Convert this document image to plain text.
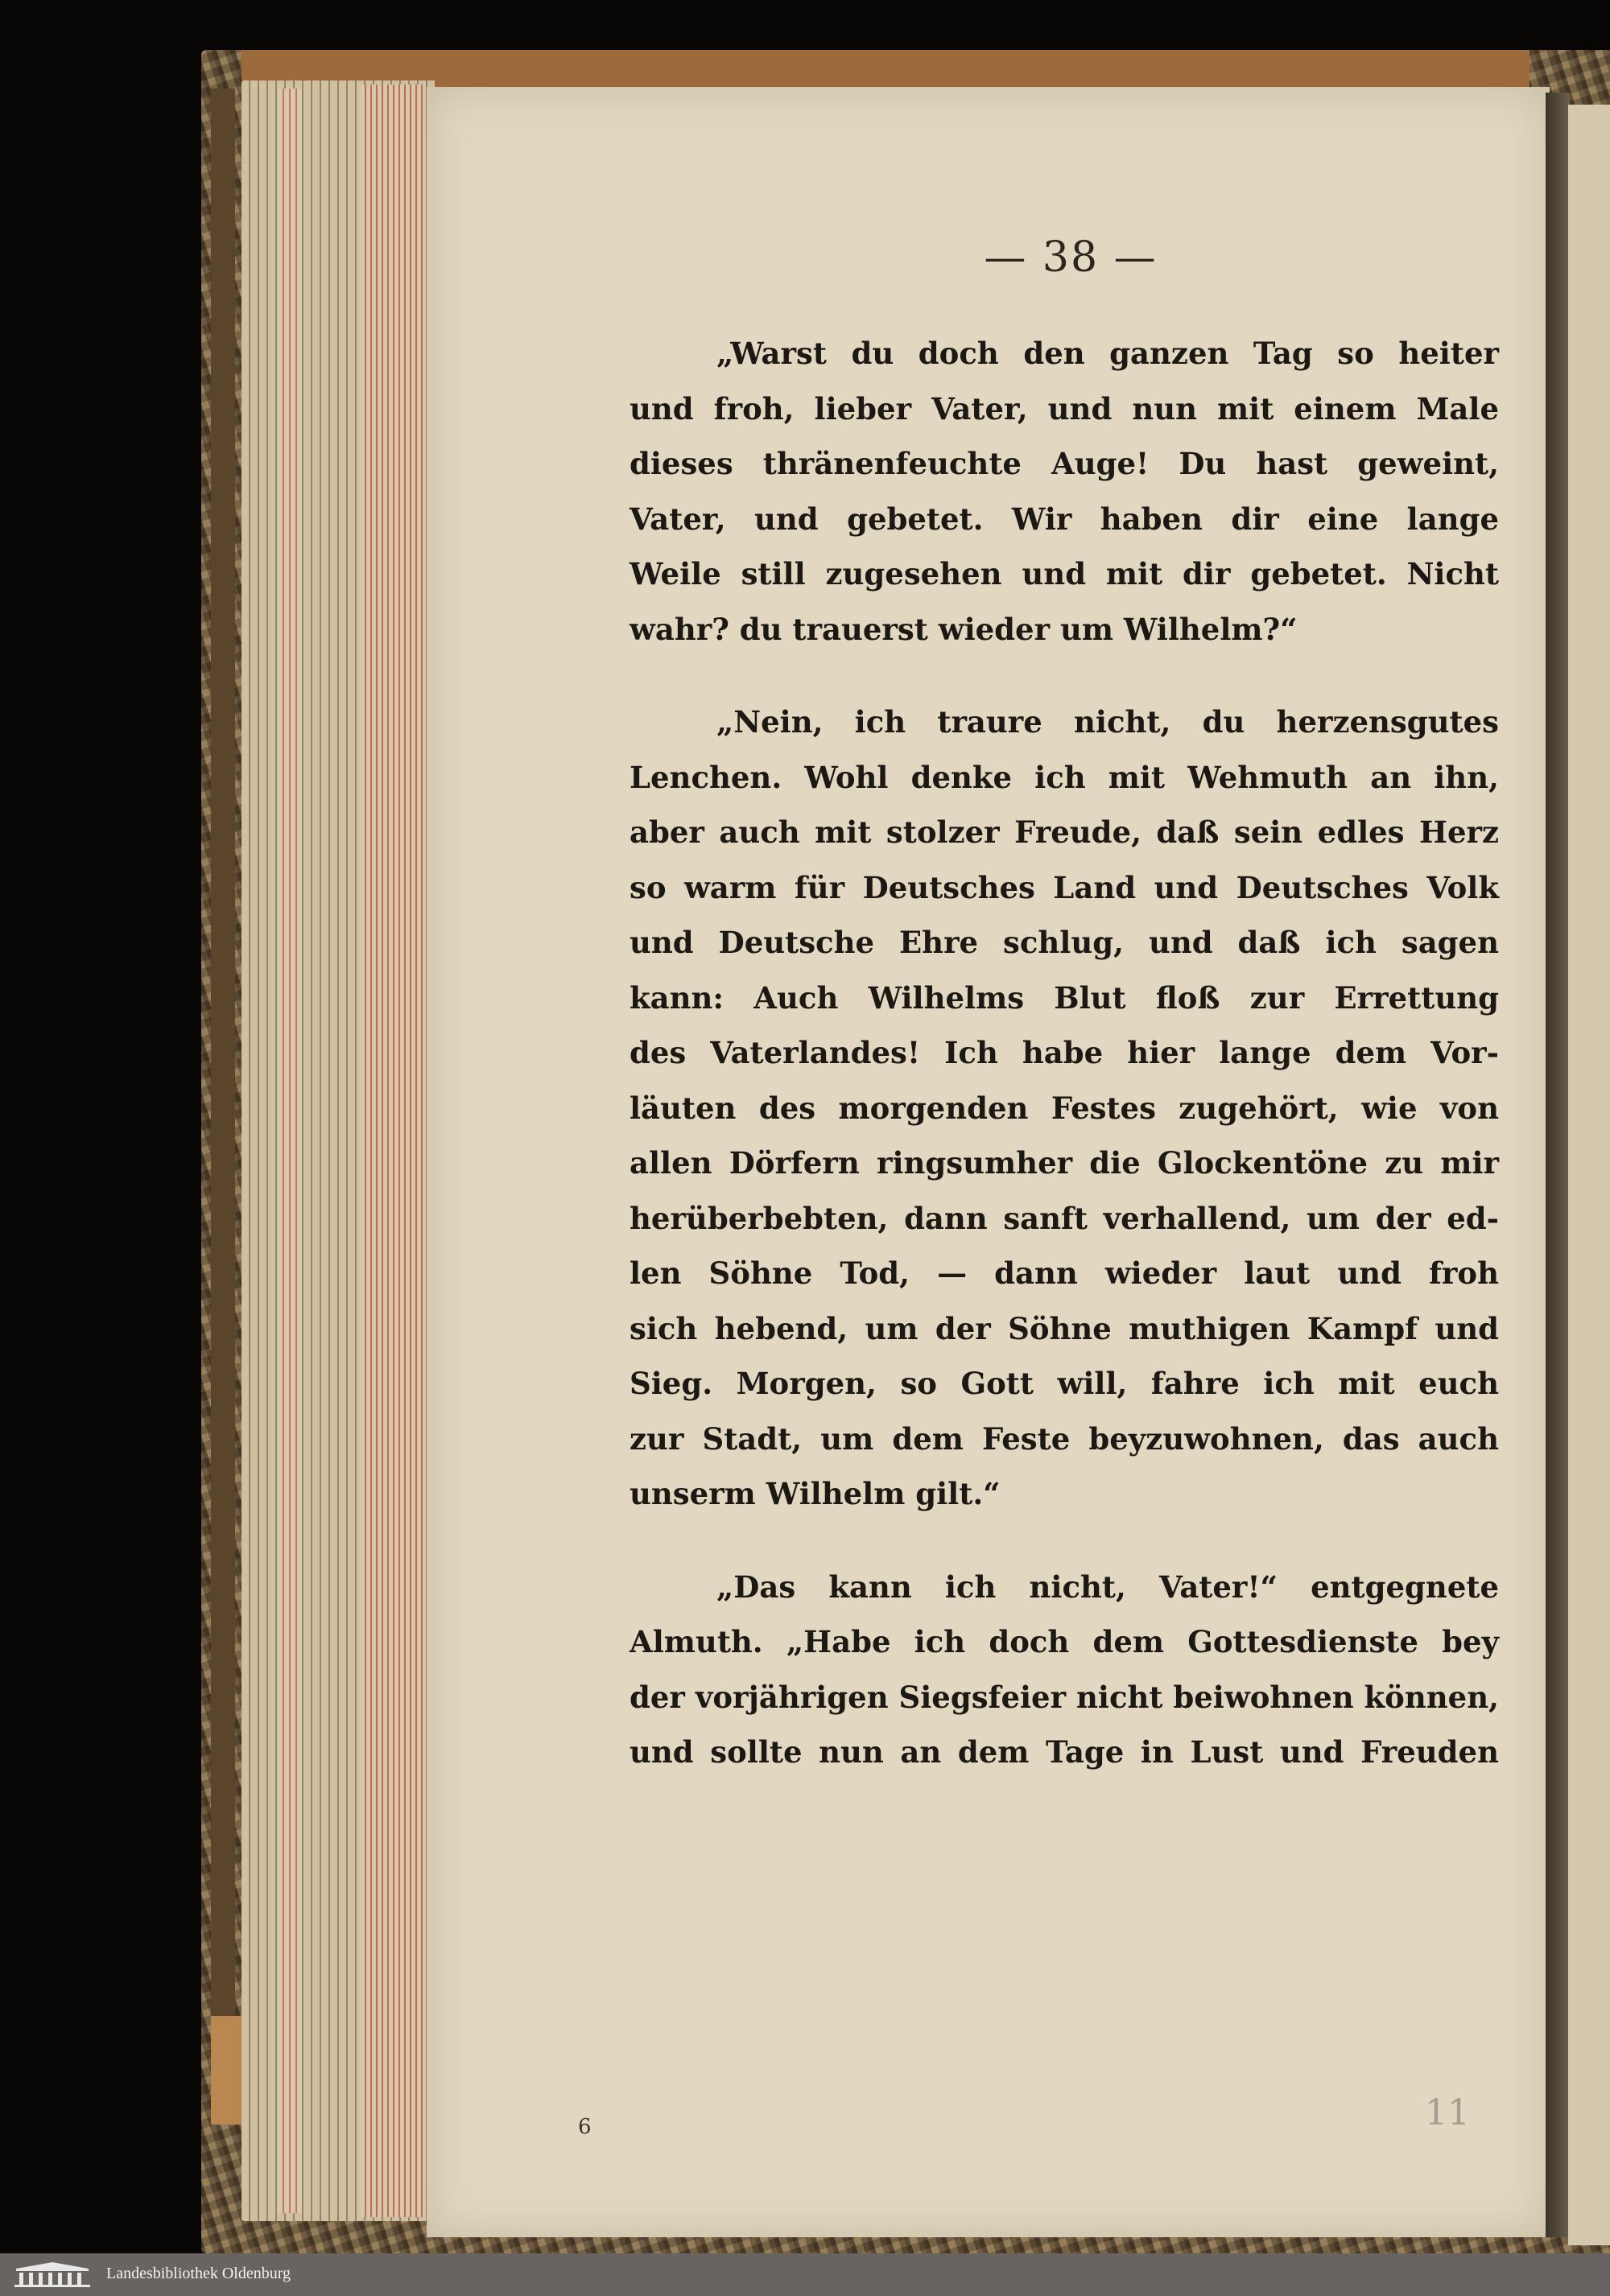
— 38 —

„Warst du doch den ganzen Tag so heiter
und froh, lieber Vater, und nun mit einem Male
dieses thränenfeuchte Auge! Du hast geweint,
Vater, und gebetet. Wir haben dir eine lange
Weile still zugesehen und mit dir gebetet. Nicht
wahr? du trauerst wieder um Wilhelm?“

„Nein, ich traure nicht, du herzensgutes
Lenchen. Wohl denke ich mit Wehmuth an ihn,
aber auch mit stolzer Freude, daß sein edles Herz
so warm für Deutsches Land und Deutsches Volk
und Deutsche Ehre schlug, und daß ich sagen
kann: Auch Wilhelms Blut floß zur Errettung
des Vaterlandes! Ich habe hier lange dem Vor-
läuten des morgenden Festes zugehört, wie von
allen Dörfern ringsumher die Glockentöne zu mir
herüberbebten, dann sanft verhallend, um der ed-
len Söhne Tod, — dann wieder laut und froh
sich hebend, um der Söhne muthigen Kampf und
Sieg. Morgen, so Gott will, fahre ich mit euch
zur Stadt, um dem Feste beyzuwohnen, das auch
unserm Wilhelm gilt.“

„Das kann ich nicht, Vater!“ entgegnete
Almuth. „Habe ich doch dem Gottesdienste bey
der vorjährigen Siegsfeier nicht beiwohnen können,
und sollte nun an dem Tage in Lust und Freuden

6	11
Landesbibliothek Oldenburg
